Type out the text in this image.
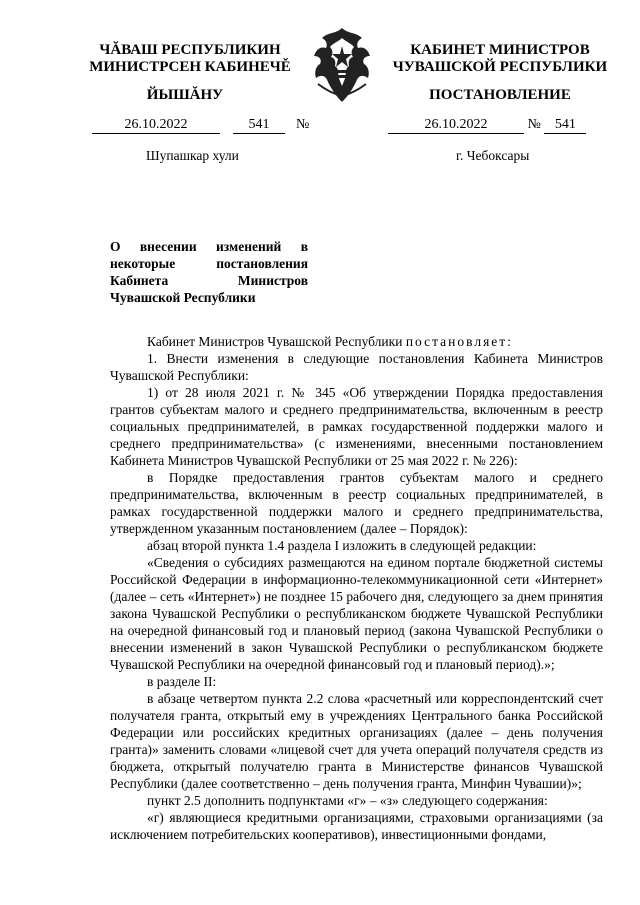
ЧĂВАШ РЕСПУБЛИКИН
МИНИСТРСЕН КАБИНЕЧĚ
ЙЫШĂНУ
КАБИНЕТ МИНИСТРОВ
ЧУВАШСКОЙ РЕСПУБЛИКИ
ПОСТАНОВЛЕНИЕ
26.10.2022	541 №	26.10.2022	№ 541
Шупашкар хули	г. Чебоксары
О внесении изменений в некоторые постановления Кабинета Министров Чувашской Республики

Кабинет Министров Чувашской Республики постановляет:

1. Внести изменения в следующие постановления Кабинета Министров Чувашской Республики:

1) от 28 июля 2021 г. № 345 «Об утверждении Порядка предоставления грантов субъектам малого и среднего предпринимательства, включенным в реестр социальных предпринимателей, в рамках государственной поддержки малого и среднего предпринимательства» (с изменениями, внесенными постановлением Кабинета Министров Чувашской Республики от 25 мая 2022 г. № 226):

в Порядке предоставления грантов субъектам малого и среднего предпринимательства, включенным в реестр социальных предпринимателей, в рамках государственной поддержки малого и среднего предпринимательства, утвержденном указанным постановлением (далее – Порядок):

абзац второй пункта 1.4 раздела I изложить в следующей редакции:

«Сведения о субсидиях размещаются на едином портале бюджетной системы Российской Федерации в информационно-телекоммуникационной сети «Интернет» (далее – сеть «Интернет») не позднее 15 рабочего дня, следующего за днем принятия закона Чувашской Республики о республиканском бюджете Чувашской Республики на очередной финансовый год и плановый период (закона Чувашской Республики о внесении изменений в закон Чувашской Республики о республиканском бюджете Чувашской Республики на очередной финансовый год и плановый период).»;

в разделе II:

в абзаце четвертом пункта 2.2 слова «расчетный или корреспондентский счет получателя гранта, открытый ему в учреждениях Центрального банка Российской Федерации или российских кредитных организациях (далее – день получения гранта)» заменить словами «лицевой счет для учета операций получателя средств из бюджета, открытый получателю гранта в Министерстве финансов Чувашской Республики (далее соответственно – день получения гранта, Минфин Чувашии)»;

пункт 2.5 дополнить подпунктами «г» – «з» следующего содержания:

«г) являющиеся кредитными организациями, страховыми организациями (за исключением потребительских кооперативов), инвестиционными фондами,
